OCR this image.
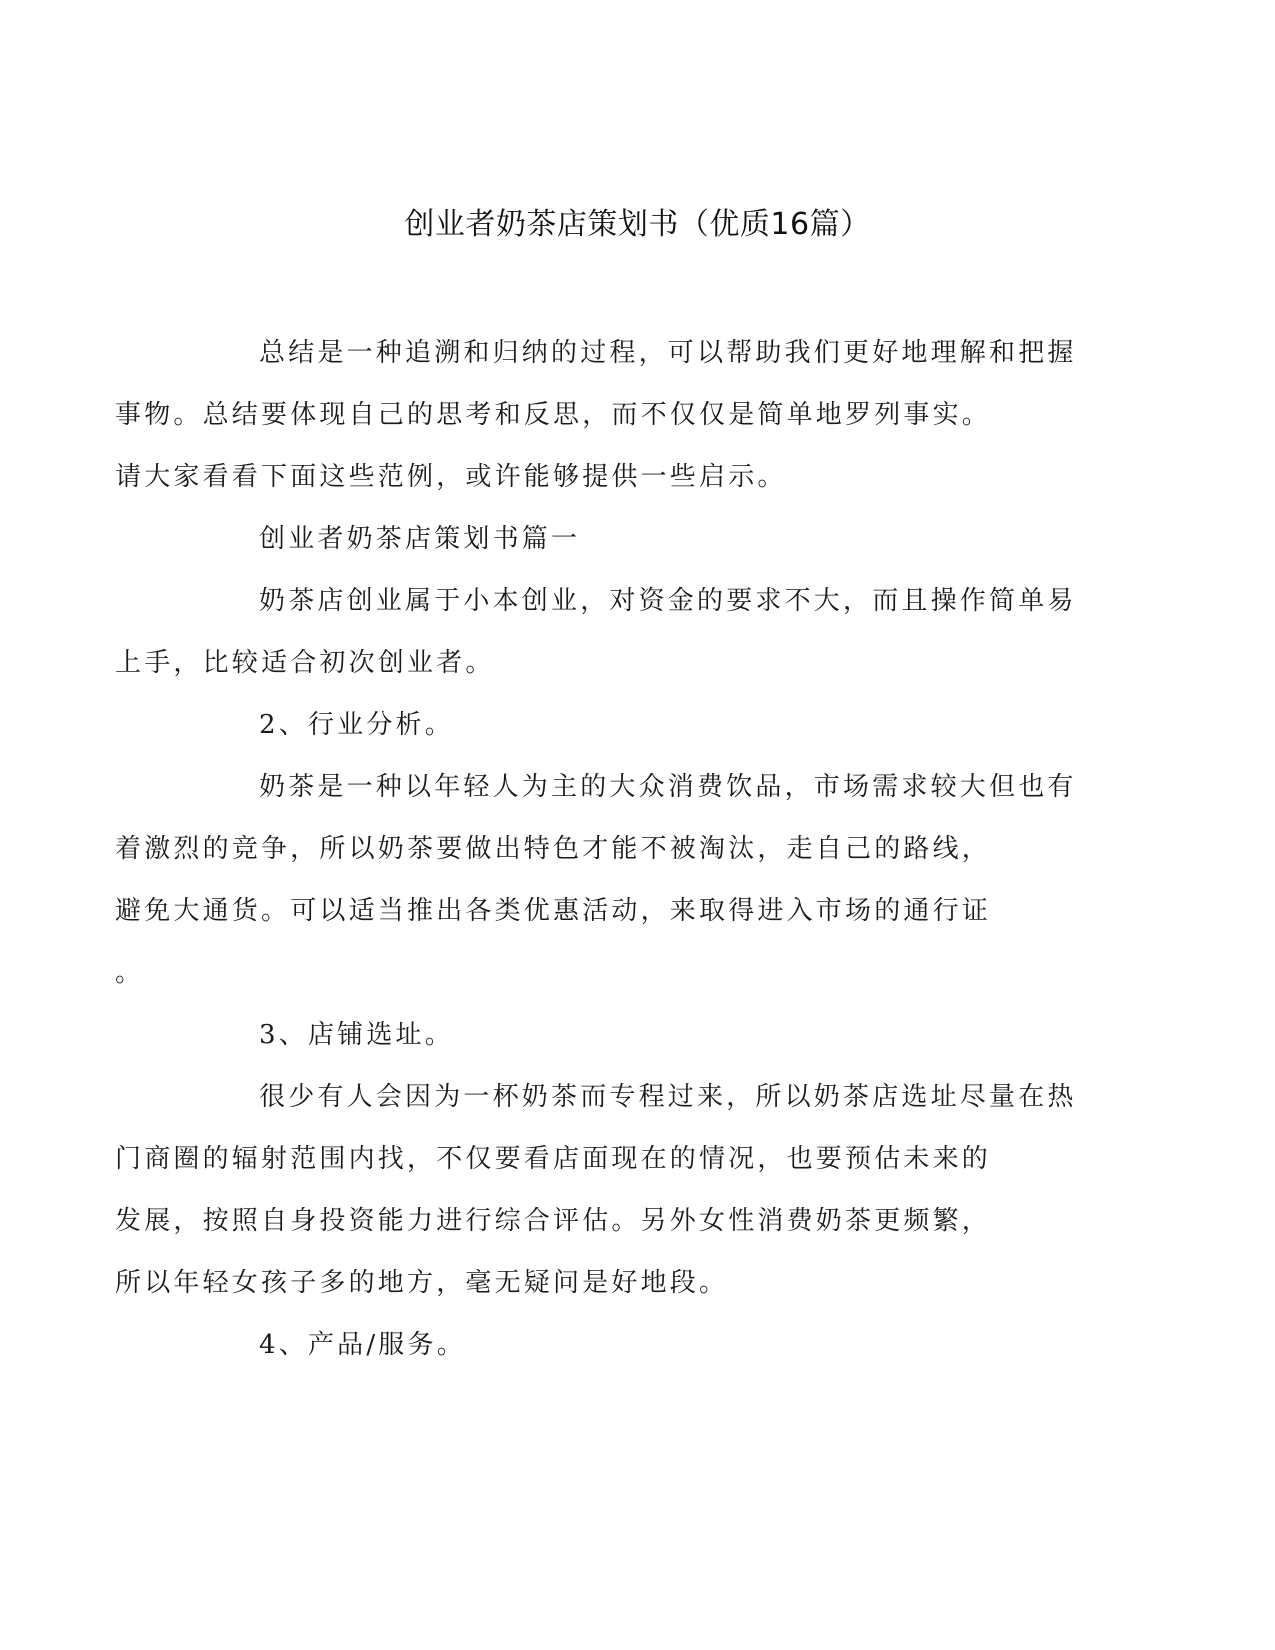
创业者奶茶店策划书（优质16篇）

总结是一种追溯和归纳的过程，可以帮助我们更好地理解和把握
事物。总结要体现自己的思考和反思，而不仅仅是简单地罗列事实。
请大家看看下面这些范例，或许能够提供一些启示。

创业者奶茶店策划书篇一

奶茶店创业属于小本创业，对资金的要求不大，而且操作简单易
上手，比较适合初次创业者。

2、行业分析。

奶茶是一种以年轻人为主的大众消费饮品，市场需求较大但也有
着激烈的竞争，所以奶茶要做出特色才能不被淘汰，走自己的路线，
避免大通货。可以适当推出各类优惠活动，来取得进入市场的通行证
。

3、店铺选址。

很少有人会因为一杯奶茶而专程过来，所以奶茶店选址尽量在热
门商圈的辐射范围内找，不仅要看店面现在的情况，也要预估未来的
发展，按照自身投资能力进行综合评估。另外女性消费奶茶更频繁，
所以年轻女孩子多的地方，毫无疑问是好地段。

4、产品/服务。
